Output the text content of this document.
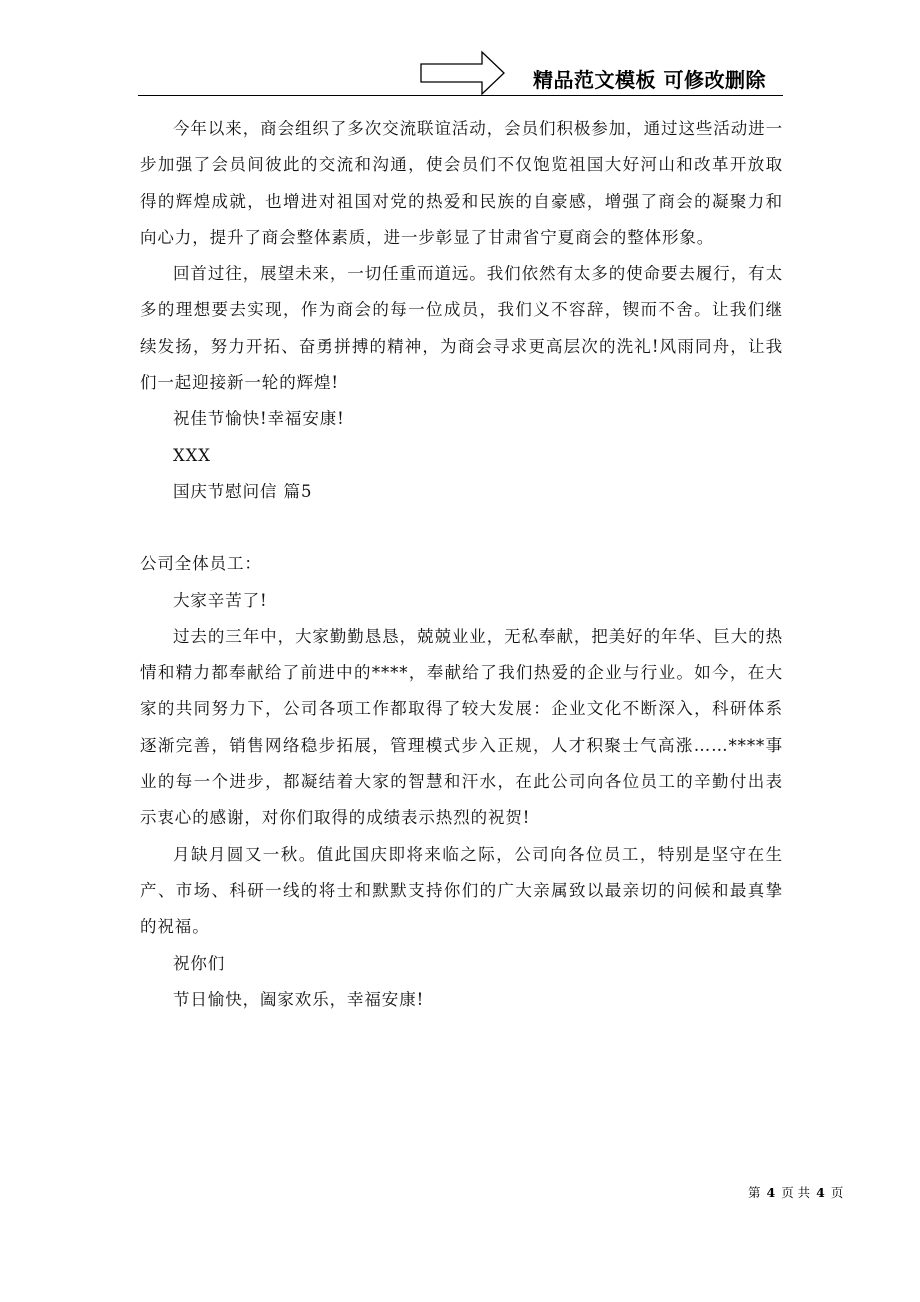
精品范文模板 可修改删除

今年以来，商会组织了多次交流联谊活动，会员们积极参加，通过这些活动进一步加强了会员间彼此的交流和沟通，使会员们不仅饱览祖国大好河山和改革开放取得的辉煌成就，也增进对祖国对党的热爱和民族的自豪感，增强了商会的凝聚力和向心力，提升了商会整体素质，进一步彰显了甘肃省宁夏商会的整体形象。

回首过往，展望未来，一切任重而道远。我们依然有太多的使命要去履行，有太多的理想要去实现，作为商会的每一位成员，我们义不容辞，锲而不舍。让我们继续发扬，努力开拓、奋勇拼搏的精神，为商会寻求更高层次的洗礼!风雨同舟，让我们一起迎接新一轮的辉煌!

祝佳节愉快!幸福安康!

XXX

国庆节慰问信 篇5

公司全体员工：

大家辛苦了!

过去的三年中，大家勤勤恳恳，兢兢业业，无私奉献，把美好的年华、巨大的热情和精力都奉献给了前进中的****，奉献给了我们热爱的企业与行业。如今，在大家的共同努力下，公司各项工作都取得了较大发展：企业文化不断深入，科研体系逐渐完善，销售网络稳步拓展，管理模式步入正规，人才积聚士气高涨……****事业的每一个进步，都凝结着大家的智慧和汗水，在此公司向各位员工的辛勤付出表示衷心的感谢，对你们取得的成绩表示热烈的祝贺!

月缺月圆又一秋。值此国庆即将来临之际，公司向各位员工，特别是坚守在生产、市场、科研一线的将士和默默支持你们的广大亲属致以最亲切的问候和最真挚的祝福。

祝你们

节日愉快，阖家欢乐，幸福安康!

第 4 页 共 4 页
